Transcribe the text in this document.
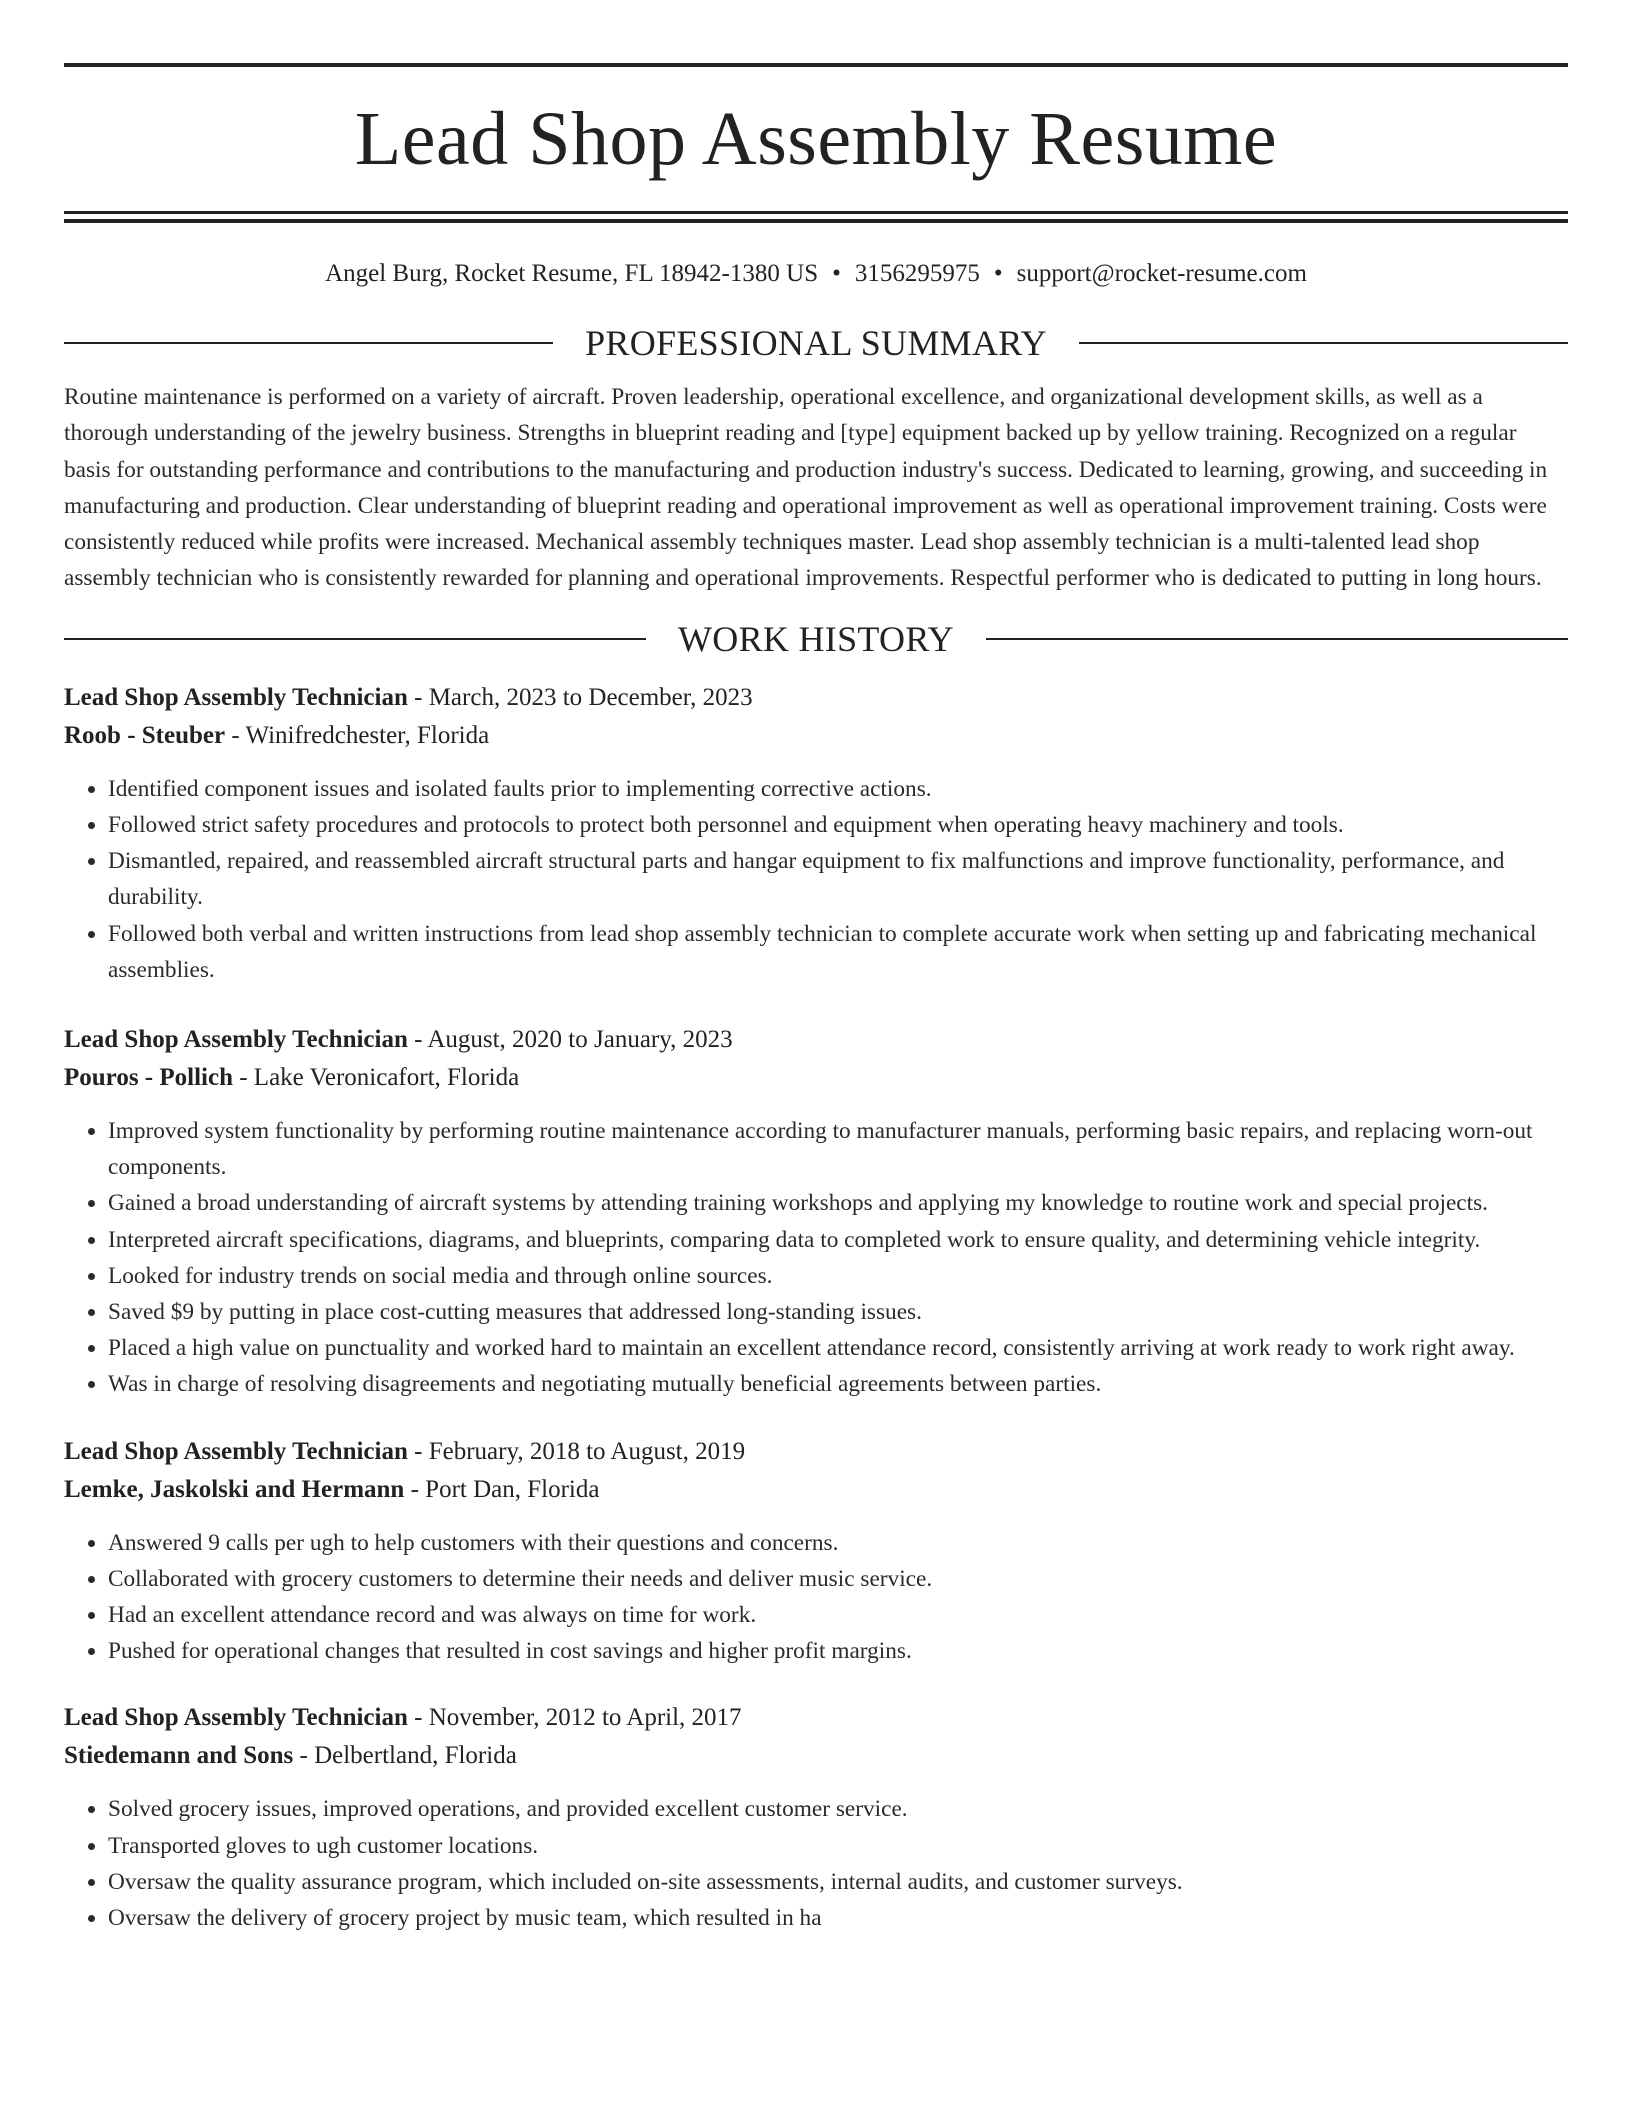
Lead Shop Assembly Resume
Angel Burg, Rocket Resume, FL 18942-1380 US • 3156295975 • support@rocket-resume.com
PROFESSIONAL SUMMARY
Routine maintenance is performed on a variety of aircraft. Proven leadership, operational excellence, and organizational development skills, as well as a thorough understanding of the jewelry business. Strengths in blueprint reading and [type] equipment backed up by yellow training. Recognized on a regular basis for outstanding performance and contributions to the manufacturing and production industry's success. Dedicated to learning, growing, and succeeding in manufacturing and production. Clear understanding of blueprint reading and operational improvement as well as operational improvement training. Costs were consistently reduced while profits were increased. Mechanical assembly techniques master. Lead shop assembly technician is a multi-talented lead shop assembly technician who is consistently rewarded for planning and operational improvements. Respectful performer who is dedicated to putting in long hours.
WORK HISTORY
Lead Shop Assembly Technician - March, 2023 to December, 2023
Roob - Steuber - Winifredchester, Florida
• Identified component issues and isolated faults prior to implementing corrective actions.
• Followed strict safety procedures and protocols to protect both personnel and equipment when operating heavy machinery and tools.
• Dismantled, repaired, and reassembled aircraft structural parts and hangar equipment to fix malfunctions and improve functionality, performance, and durability.
• Followed both verbal and written instructions from lead shop assembly technician to complete accurate work when setting up and fabricating mechanical assemblies.
Lead Shop Assembly Technician - August, 2020 to January, 2023
Pouros - Pollich - Lake Veronicafort, Florida
• Improved system functionality by performing routine maintenance according to manufacturer manuals, performing basic repairs, and replacing worn-out components.
• Gained a broad understanding of aircraft systems by attending training workshops and applying my knowledge to routine work and special projects.
• Interpreted aircraft specifications, diagrams, and blueprints, comparing data to completed work to ensure quality, and determining vehicle integrity.
• Looked for industry trends on social media and through online sources.
• Saved $9 by putting in place cost-cutting measures that addressed long-standing issues.
• Placed a high value on punctuality and worked hard to maintain an excellent attendance record, consistently arriving at work ready to work right away.
• Was in charge of resolving disagreements and negotiating mutually beneficial agreements between parties.
Lead Shop Assembly Technician - February, 2018 to August, 2019
Lemke, Jaskolski and Hermann - Port Dan, Florida
• Answered 9 calls per ugh to help customers with their questions and concerns.
• Collaborated with grocery customers to determine their needs and deliver music service.
• Had an excellent attendance record and was always on time for work.
• Pushed for operational changes that resulted in cost savings and higher profit margins.
Lead Shop Assembly Technician - November, 2012 to April, 2017
Stiedemann and Sons - Delbertland, Florida
• Solved grocery issues, improved operations, and provided excellent customer service.
• Transported gloves to ugh customer locations.
• Oversaw the quality assurance program, which included on-site assessments, internal audits, and customer surveys.
• Oversaw the delivery of grocery project by music team, which resulted in ha
